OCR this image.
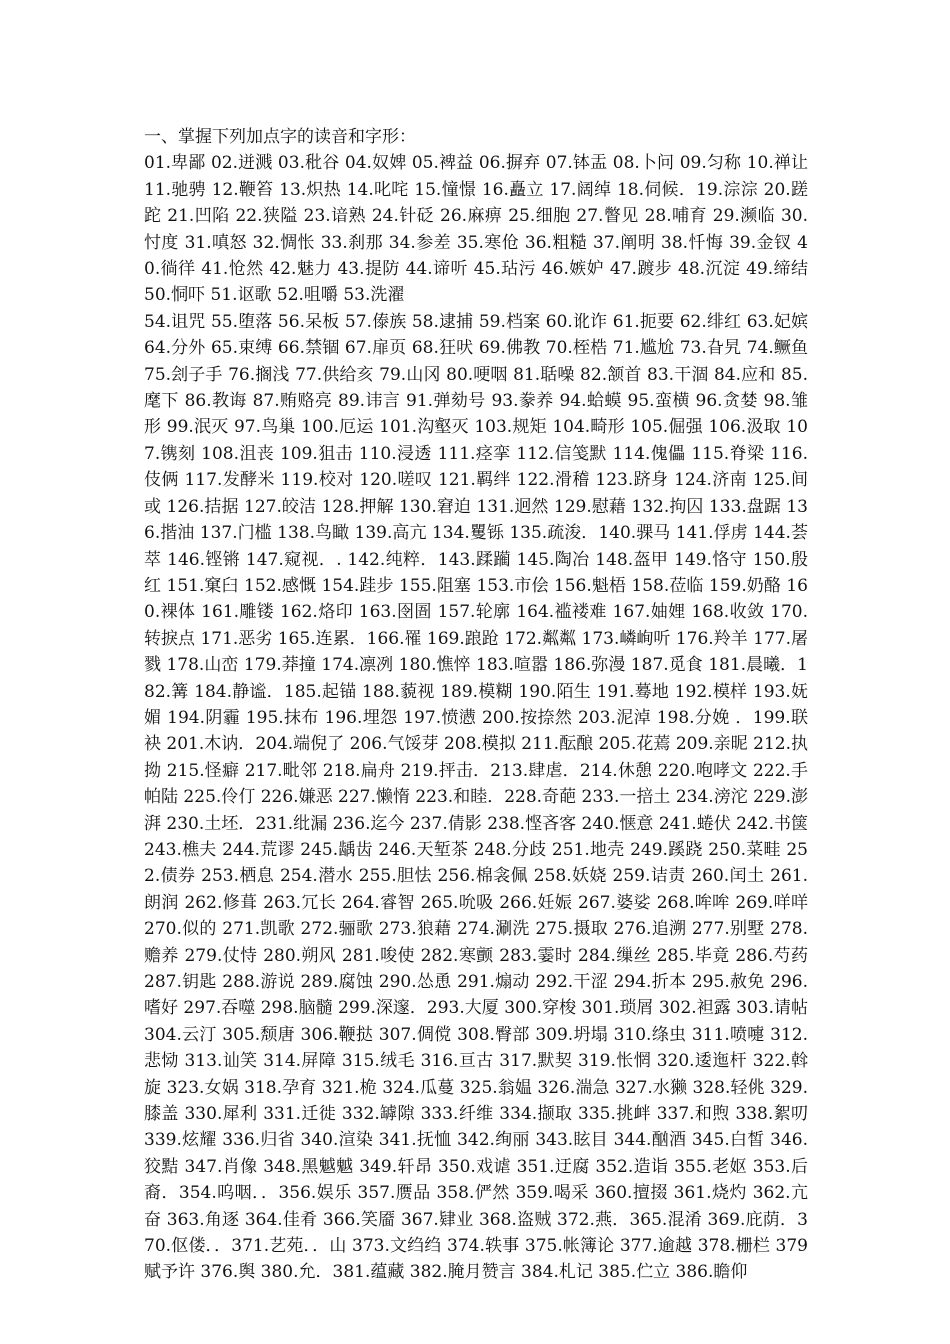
一、掌握下列加点字的读音和字形：

01.卑鄙 02.迸溅 03.秕谷 04.奴婢 05.裨益 06.摒弃 07.钵盂 08.卜问 09.匀称 10.禅让 11.驰骋 12.鞭笞 13.炽热 14.叱咤 15.憧憬 16.矗立 17.阔绰 18.伺候．19.淙淙 20.蹉跎 21.凹陷 22.狭隘 23.谙熟 24.针砭 26.麻痹 25.细胞 27.瞥见 28.哺育 29.濒临 30.忖度 31.嗔怒 32.惆怅 33.刹那 34.参差 35.寒伧 36.粗糙 37.阐明 38.忏悔 39.金钗 40.徜徉 41.怆然 42.魅力 43.提防 44.谛听 45.玷污 46.嫉妒 47.踱步 48.沉淀 49.缔结 50.恫吓 51.讴歌 52.咀嚼 53.洗濯

54.诅咒 55.堕落 56.呆板 57.傣族 58.逮捕 59.档案 60.讹诈 61.扼要 62.绯红 63.妃嫔 64.分外 65.束缚 66.禁锢 67.扉页 68.狂吠 69.佛教 70.桎梏 71.尴尬 73.旮旯 74.鳜鱼 75.刽子手 76.搁浅 77.供给亥 79.山冈 80.哽咽 81.聒噪 82.颔首 83.干涸 84.应和 85.麾下 86.教诲 87.贿赂亮 89.讳言 91.弹劾号 93.豢养 94.蛤蟆 95.蛮横 96.贪婪 98.雏形 99.泯灭 97.鸟巢 100.厄运 101.沟壑灭 103.规矩 104.畸形 105.倔强 106.汲取 107.镌刻 108.沮丧 109.狙击 110.浸透 111.痉挛 112.信笺默 114.傀儡 115.脊梁 116.伎俩 117.发酵米 119.校对 120.嗟叹 121.羁绊 122.滑稽 123.跻身 124.济南 125.间或 126.拮据 127.皎洁 128.押解 130.窘迫 131.迥然 129.慰藉 132.拘囚 133.盘踞 136.揩油 137.门槛 138.鸟瞰 139.高亢 134.矍铄 135.疏浚．140.骒马 141.俘虏 144.荟萃 146.铿锵 147.窥视．. 142.纯粹．143.蹂躏 145.陶冶 148.盔甲 149.恪守 150.殷红 151.窠臼 152.感慨 154.跬步 155.阻塞 153.市侩 156.魁梧 158.莅临 159.奶酪 160.裸体 161.雕镂 162.烙印 163.囹圄 157.轮廓 164.褴褛难 167.妯娌 168.收敛 170.转捩点 171.恶劣 165.连累．166.罹 169.踉跄 172.粼粼 173.嶙峋听 176.羚羊 177.屠戮 178.山峦 179.莽撞 174.凛冽 180.憔悴 183.喧嚣 186.弥漫 187.觅食 181.晨曦．182.篝 184.静谧．185.起锚 188.藐视 189.模糊 190.陌生 191.蓦地 192.模样 193.妩媚 194.阴霾 195.抹布 196.埋怨 197.愤懑 200.按捺然 203.泥淖 198.分娩 ．199.联袂 201.木讷．204.端倪了 206.气馁芽 208.模拟 211.酝酿 205.花蔫 209.亲昵 212.执拗 215.怪癖 217.毗邻 218.扁舟 219.抨击．213.肆虐．214.休憩 220.咆哮文 222.手帕陆 225.伶仃 226.嫌恶 227.懒惰 223.和睦．228.奇葩 233.一掊土 234.滂沱 229.澎湃 230.土坯．231.纰漏 236.迄今 237.倩影 238.悭吝客 240.惬意 241.蜷伏 242.书箧 243.樵夫 244.荒谬 245.龋齿 246.天堑茶 248.分歧 251.地壳 249.蹊跷 250.菜畦 252.债券 253.栖息 254.潜水 255.胆怯 256.棉衾佩 258.妖娆 259.诘责 260.闰土 261.朗润 262.修葺 263.冗长 264.睿智 265.吮吸 266.妊娠 267.婆娑 268.哞哞 269.咩咩 270.似的 271.凯歌 272.骊歌 273.狼藉 274.涮洗 275.摄取 276.追溯 277.别墅 278.赡养 279.仗恃 280.朔风 281.唆使 282.寒颤 283.霎时 284.缫丝 285.毕竟 286.芍药 287.钥匙 288.游说 289.腐蚀 290.怂恿 291.煽动 292.干涩 294.折本 295.赦免 296.嗜好 297.吞噬 298.脑髓 299.深邃．293.大厦 300.穿梭 301.琐屑 302.袒露 303.请帖 304.云汀 305.颓唐 306.鞭挞 307.倜傥 308.臀部 309.坍塌 310.绦虫 311.喷嚏 312.悲恸 313.讪笑 314.屏障 315.绒毛 316.亘古 317.默契 319.怅惘 320.逶迤杆 322.斡旋 323.女娲 318.孕育 321.桅 324.瓜蔓 325.翁媪 326.湍急 327.水獭 328.轻佻 329.膝盖 330.犀利 331.迁徙 332.罅隙 333.纤维 334.撷取 335.挑衅 337.和煦 338.絮叨 339.炫耀 336.归省 340.渲染 341.抚恤 342.绚丽 343.眩目 344.酗酒 345.白皙 346.狡黠 347.肖像 348.黑魆魆 349.轩昂 350.戏谑 351.迂腐 352.造诣 355.老妪 353.后裔．354.呜咽．．356.娱乐 357.赝品 358.俨然 359.喝采 360.擅掇 361.烧灼 362.亢奋 363.角逐 364.佳肴 366.笑靥 367.肄业 368.盗贼 372.燕．365.混淆 369.庇荫．370.伛偻．．371.艺苑．．山 373.文绉绉 374.轶事 375.帐簿论 377.逾越 378.栅栏 379 赋予许 376.舆 380.允．381.蕴藏 382.腌月赞言 384.札记 385.伫立 386.瞻仰
